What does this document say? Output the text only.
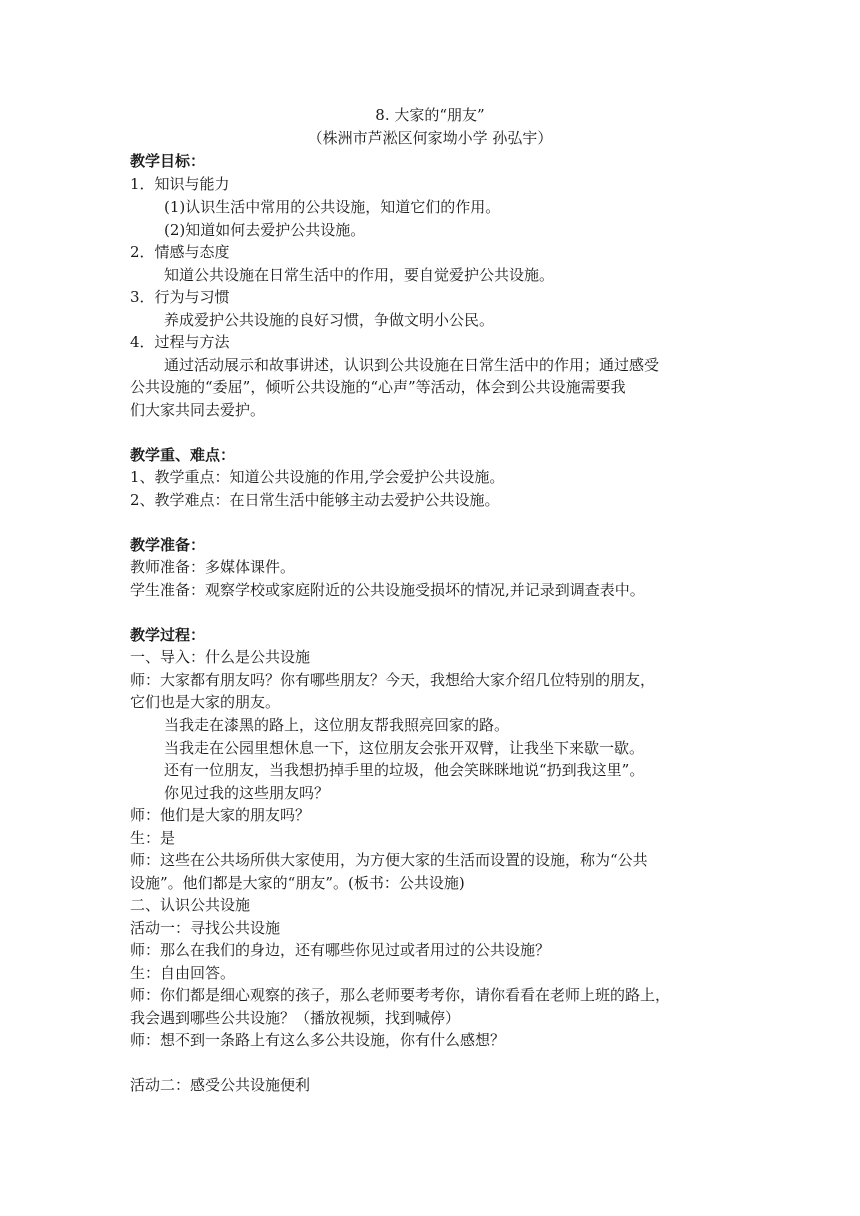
8. 大家的“朋友”
（株洲市芦淞区何家坳小学 孙弘宇）
教学目标：
1．知识与能力
(1)认识生活中常用的公共设施，知道它们的作用。
(2)知道如何去爱护公共设施。
2．情感与态度
知道公共设施在日常生活中的作用，要自觉爱护公共设施。
3．行为与习惯
养成爱护公共设施的良好习惯，争做文明小公民。
4．过程与方法
通过活动展示和故事讲述，认识到公共设施在日常生活中的作用；通过感受
公共设施的“委屈”，倾听公共设施的“心声”等活动，体会到公共设施需要我
们大家共同去爱护。
教学重、难点：
1、教学重点：知道公共设施的作用,学会爱护公共设施。
2、教学难点：在日常生活中能够主动去爱护公共设施。
教学准备：
教师准备：多媒体课件。
学生准备：观察学校或家庭附近的公共设施受损坏的情况,并记录到调查表中。
教学过程：
一、导入：什么是公共设施
师：大家都有朋友吗？你有哪些朋友？今天，我想给大家介绍几位特别的朋友，
它们也是大家的朋友。
当我走在漆黑的路上，这位朋友帮我照亮回家的路。
当我走在公园里想休息一下，这位朋友会张开双臂，让我坐下来歇一歇。
还有一位朋友，当我想扔掉手里的垃圾，他会笑眯眯地说“扔到我这里”。
你见过我的这些朋友吗？
师：他们是大家的朋友吗？
生：是
师：这些在公共场所供大家使用，为方便大家的生活而设置的设施，称为“公共
设施”。他们都是大家的“朋友”。(板书：公共设施)
二、认识公共设施
活动一：寻找公共设施
师：那么在我们的身边，还有哪些你见过或者用过的公共设施？
生：自由回答。
师：你们都是细心观察的孩子，那么老师要考考你，请你看看在老师上班的路上，
我会遇到哪些公共设施？（播放视频，找到喊停）
师：想不到一条路上有这么多公共设施，你有什么感想？
活动二：感受公共设施便利
